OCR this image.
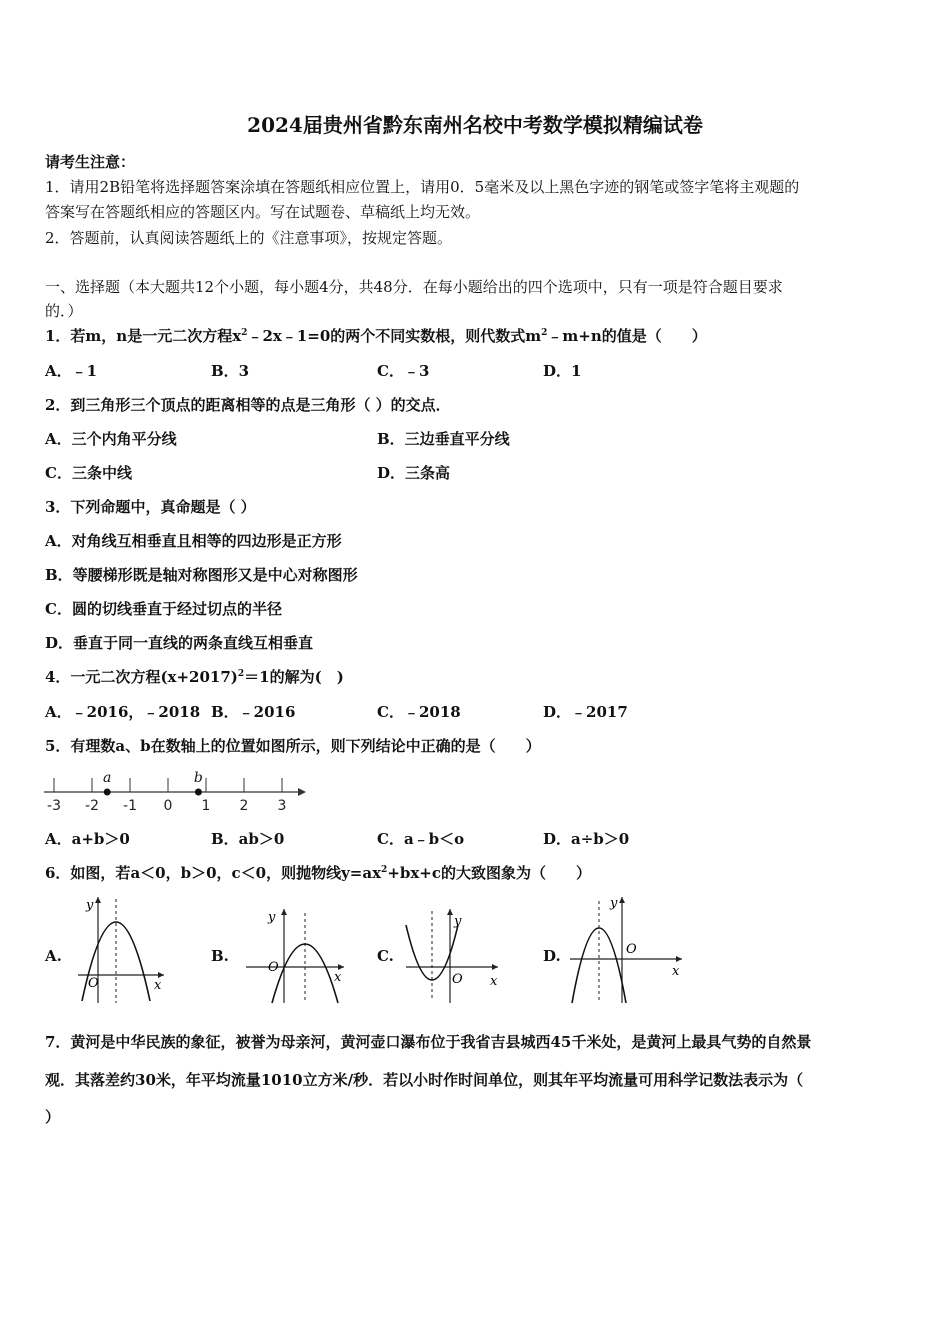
2024届贵州省黔东南州名校中考数学模拟精编试卷
请考生注意：
1．请用2B铅笔将选择题答案涂填在答题纸相应位置上，请用0．5毫米及以上黑色字迹的钢笔或签字笔将主观题的
答案写在答题纸相应的答题区内。写在试题卷、草稿纸上均无效。
2．答题前，认真阅读答题纸上的《注意事项》，按规定答题。
一、选择题（本大题共12个小题，每小题4分，共48分．在每小题给出的四个选项中，只有一项是符合题目要求
的．）
1．若m，n是一元二次方程$x^2﹣2x﹣1=0$的两个不同实数根，则代数式$m^2﹣m+n$的值是（　　）
A．﹣1	B．3	C．﹣3	D．1
2．到三角形三个顶点的距离相等的点是三角形（ ）的交点．
A．三个内角平分线	B．三边垂直平分线
C．三条中线	D．三条高
3．下列命题中，真命题是（ ）
A．对角线互相垂直且相等的四边形是正方形
B．等腰梯形既是轴对称图形又是中心对称图形
C．圆的切线垂直于经过切点的半径
D．垂直于同一直线的两条直线互相垂直
4．一元二次方程$(x+2017)^2=1$的解为(　)
A．﹣2016，﹣2018 B．﹣2016	C．﹣2018	D．﹣2017
5．有理数a、b在数轴上的位置如图所示，则下列结论中正确的是（　　）
-3 -2 -1 0 1 2 3
a	b
A．a+b＞0	B．ab＞0	C．a﹣b＜o	D．a÷b＞0
6．如图，若a＜0，b＞0，c＜0，则抛物线$y=ax^2+bx+c$的大致图象为（　　）
A.	B.	C.	D.
y
x
O
y
x
O
y
x
O
y
x
O
7．黄河是中华民族的象征，被誉为母亲河，黄河壶口瀑布位于我省吉县城西45千米处，是黄河上最具气势的自然景
观．其落差约30米，年平均流量1010立方米/秒．若以小时作时间单位，则其年平均流量可用科学记数法表示为（
）
